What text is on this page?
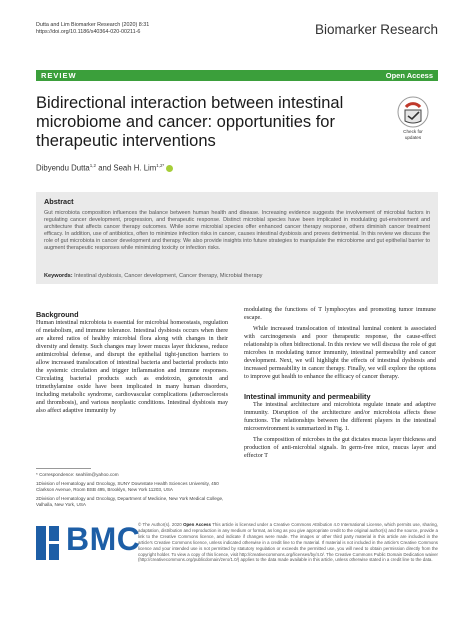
Dutta and Lim Biomarker Research (2020) 8:31
https://doi.org/10.1186/s40364-020-00211-6	Biomarker Research
REVIEW	Open Access
Bidirectional interaction between intestinal microbiome and cancer: opportunities for therapeutic interventions
Check for
updates
Dibyendu Dutta$^{1,2}$ and Seah H. Lim$^{1,2*}$
Abstract
Gut microbiota composition influences the balance between human health and disease. Increasing evidence suggests the involvement of microbial factors in regulating cancer development, progression, and therapeutic response. Distinct microbial species have been implicated in modulating gut-environment and architecture that affects cancer therapy outcomes. While some microbial species offer enhanced cancer therapy response, others diminish cancer treatment efficacy. In addition, use of antibiotics, often to minimize infection risks in cancer, causes intestinal dysbiosis and proves detrimental. In this review we discuss the role of gut microbiota in cancer development and therapy. We also provide insights into future strategies to manipulate the microbiome and gut epithelial barrier to augment therapeutic responses while minimizing toxicity or infection risks.
Keywords: Intestinal dysbiosis, Cancer development, Cancer therapy, Microbial therapy
Background

Human intestinal microbiota is essential for microbial homeostasis, regulation of metabolism, and immune tolerance. Intestinal dysbiosis occurs when there are altered ratios of healthy microbial flora along with changes in their diversity and density. Such changes may lower mucus layer thickness, reduce antimicrobial defense, and disrupt the epithelial tight-junction barriers to allow increased translocation of intestinal bacteria and bacterial products into the systemic circulation and trigger inflammation and immune responses. Circulating bacterial products such as endotoxin, genotoxin and trimethylamine oxide have been implicated in many human disorders, including metabolic syndrome, cardiovascular complications (atherosclerosis and thrombosis), and various neoplastic conditions. Intestinal dysbiosis may also affect adaptive immunity by

modulating the functions of T lymphocytes and promoting tumor immune escape.

While increased translocation of intestinal luminal content is associated with carcinogenesis and poor therapeutic response, the cause-effect relationship is often bidirectional. In this review we will discuss the role of gut microbes in modulating tumor immunity, intestinal permeability and cancer development. Next, we will highlight the effects of intestinal dysbiosis and increased permeability in cancer therapy. Finally, we will explore the options to improve gut health to enhance the efficacy of cancer therapy.

Intestinal immunity and permeability

The intestinal architecture and microbiota regulate innate and adaptive immunity. Disruption of the architecture and/or microbiota affects these functions. The relationships between the different players in the intestinal microenvironment is summarized in Fig. 1.

The composition of microbes in the gut dictates mucus layer thickness and production of anti-microbial signals. In germ-free mice, mucus layer and effector T

* Correspondence: seahlim@yahoo.com
1Division of Hematology and Oncology, SUNY Downstate Health Sciences University, 450 Clarkson Avenue, Room BSB 495, Brooklyn, New York 11203, USA
2Division of Hematology and Oncology, Department of Medicine, New York Medical College, Valhalla, New York, USA
BMC
© The Author(s). 2020 Open Access This article is licensed under a Creative Commons Attribution 4.0 International License, which permits use, sharing, adaptation, distribution and reproduction in any medium or format, as long as you give appropriate credit to the original author(s) and the source, provide a link to the Creative Commons licence, and indicate if changes were made. The images or other third party material in this article are included in the article's Creative Commons licence, unless indicated otherwise in a credit line to the material. If material is not included in the article's Creative Commons licence and your intended use is not permitted by statutory regulation or exceeds the permitted use, you will need to obtain permission directly from the copyright holder. To view a copy of this licence, visit http://creativecommons.org/licenses/by/4.0/. The Creative Commons Public Domain Dedication waiver (http://creativecommons.org/publicdomain/zero/1.0/) applies to the data made available in this article, unless otherwise stated in a credit line to the data.
